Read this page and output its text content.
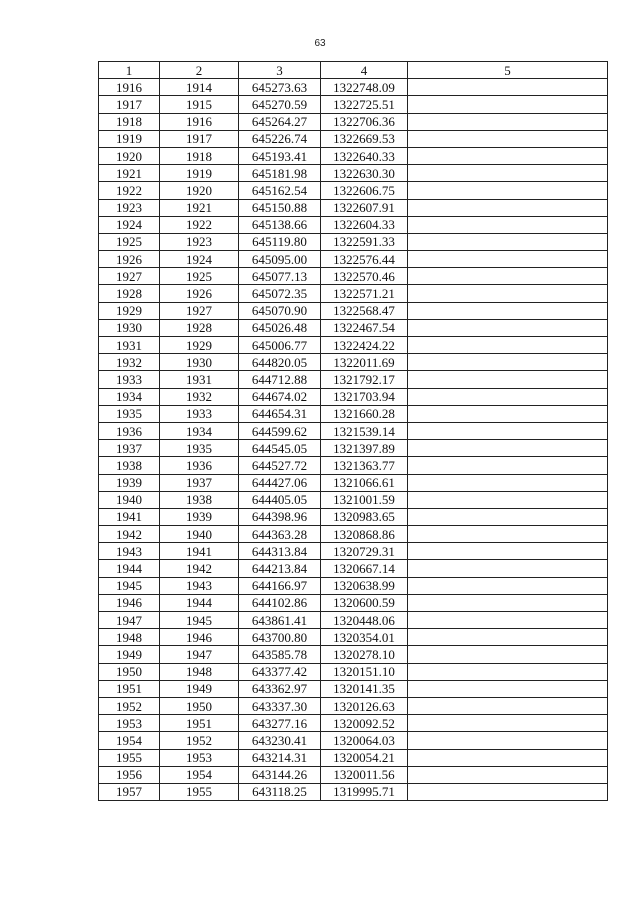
63
1	2	3	4	5
1916	1914	645273.63	1322748.09	
1917	1915	645270.59	1322725.51	
1918	1916	645264.27	1322706.36	
1919	1917	645226.74	1322669.53	
1920	1918	645193.41	1322640.33	
1921	1919	645181.98	1322630.30	
1922	1920	645162.54	1322606.75	
1923	1921	645150.88	1322607.91	
1924	1922	645138.66	1322604.33	
1925	1923	645119.80	1322591.33	
1926	1924	645095.00	1322576.44	
1927	1925	645077.13	1322570.46	
1928	1926	645072.35	1322571.21	
1929	1927	645070.90	1322568.47	
1930	1928	645026.48	1322467.54	
1931	1929	645006.77	1322424.22	
1932	1930	644820.05	1322011.69	
1933	1931	644712.88	1321792.17	
1934	1932	644674.02	1321703.94	
1935	1933	644654.31	1321660.28	
1936	1934	644599.62	1321539.14	
1937	1935	644545.05	1321397.89	
1938	1936	644527.72	1321363.77	
1939	1937	644427.06	1321066.61	
1940	1938	644405.05	1321001.59	
1941	1939	644398.96	1320983.65	
1942	1940	644363.28	1320868.86	
1943	1941	644313.84	1320729.31	
1944	1942	644213.84	1320667.14	
1945	1943	644166.97	1320638.99	
1946	1944	644102.86	1320600.59	
1947	1945	643861.41	1320448.06	
1948	1946	643700.80	1320354.01	
1949	1947	643585.78	1320278.10	
1950	1948	643377.42	1320151.10	
1951	1949	643362.97	1320141.35	
1952	1950	643337.30	1320126.63	
1953	1951	643277.16	1320092.52	
1954	1952	643230.41	1320064.03	
1955	1953	643214.31	1320054.21	
1956	1954	643144.26	1320011.56	
1957	1955	643118.25	1319995.71	
